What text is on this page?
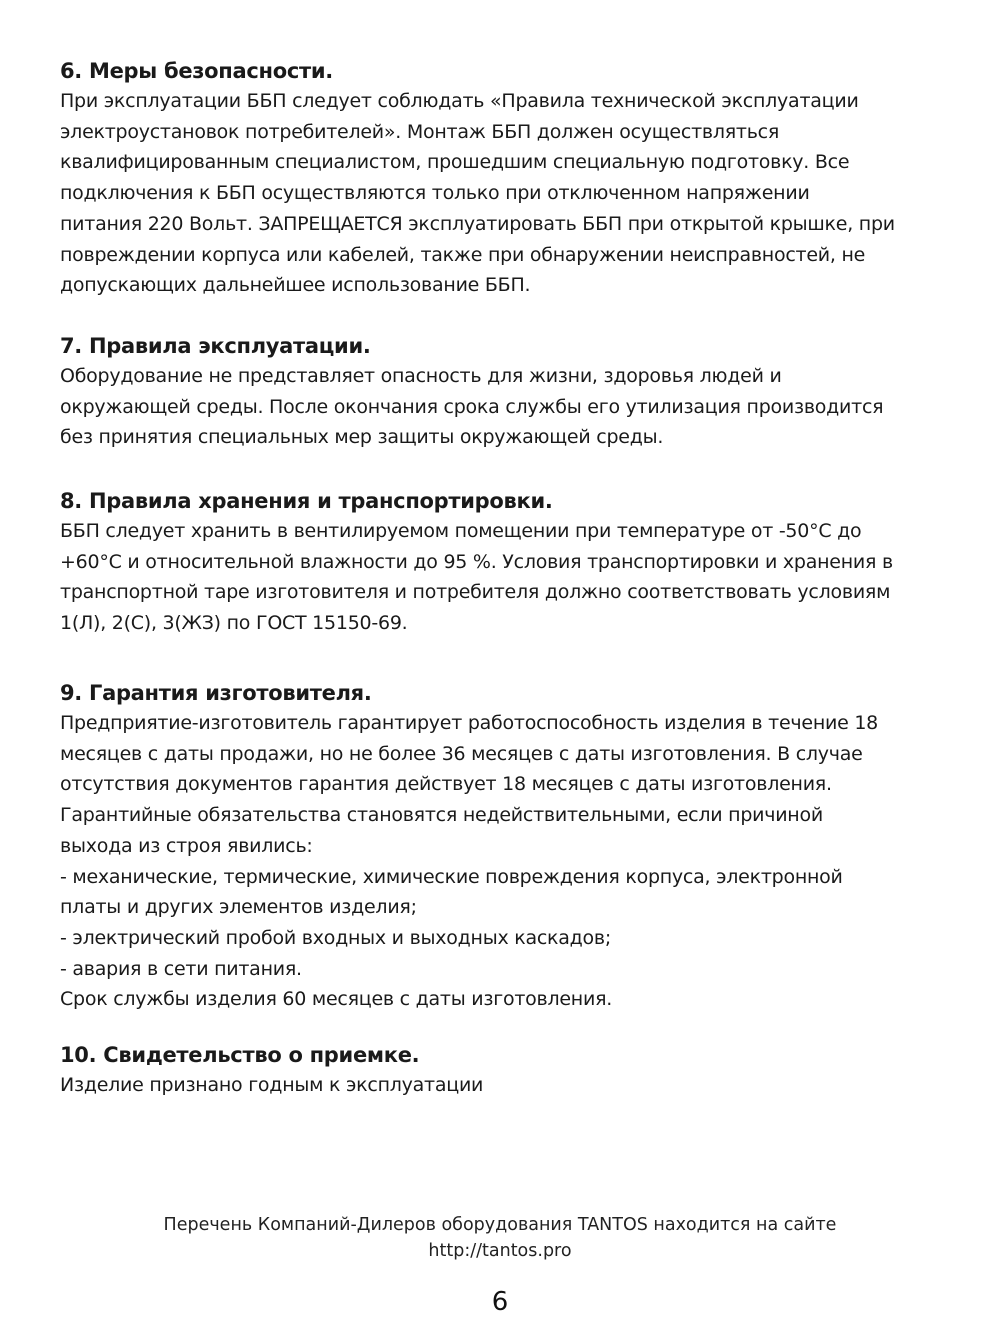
6. Меры безопасности.
При эксплуатации ББП следует соблюдать «Правила технической эксплуатации
электроустановок потребителей». Монтаж ББП должен осуществляться
квалифицированным специалистом, прошедшим специальную подготовку. Все
подключения к ББП осуществляются только при отключенном напряжении
питания 220 Вольт. ЗАПРЕЩАЕТСЯ эксплуатировать ББП при открытой крышке, при
повреждении корпуса или кабелей, также при обнаружении неисправностей, не
допускающих дальнейшее использование ББП.
7. Правила эксплуатации.
Оборудование не представляет опасность для жизни, здоровья людей и
окружающей среды. После окончания срока службы его утилизация производится
без принятия специальных мер защиты окружающей среды.
8. Правила хранения и транспортировки.
ББП следует хранить в вентилируемом помещении при температуре от -50°С до
+60°С и относительной влажности до 95 %. Условия транспортировки и хранения в
транспортной таре изготовителя и потребителя должно соответствовать условиям
1(Л), 2(С), 3(ЖЗ) по ГОСТ 15150-69.
9. Гарантия изготовителя.
Предприятие-изготовитель гарантирует работоспособность изделия в течение 18
месяцев с даты продажи, но не более 36 месяцев с даты изготовления. В случае
отсутствия документов гарантия действует 18 месяцев с даты изготовления.
Гарантийные обязательства становятся недействительными, если причиной
выхода из строя явились:
- механические, термические, химические повреждения корпуса, электронной
платы и других элементов изделия;
- электрический пробой входных и выходных каскадов;
- авария в сети питания.
Срок службы изделия 60 месяцев с даты изготовления.
10. Свидетельство о приемке.
Изделие признано годным к эксплуатации
Перечень Компаний-Дилеров оборудования TANTOS находится на сайте
http://tantos.pro
6
